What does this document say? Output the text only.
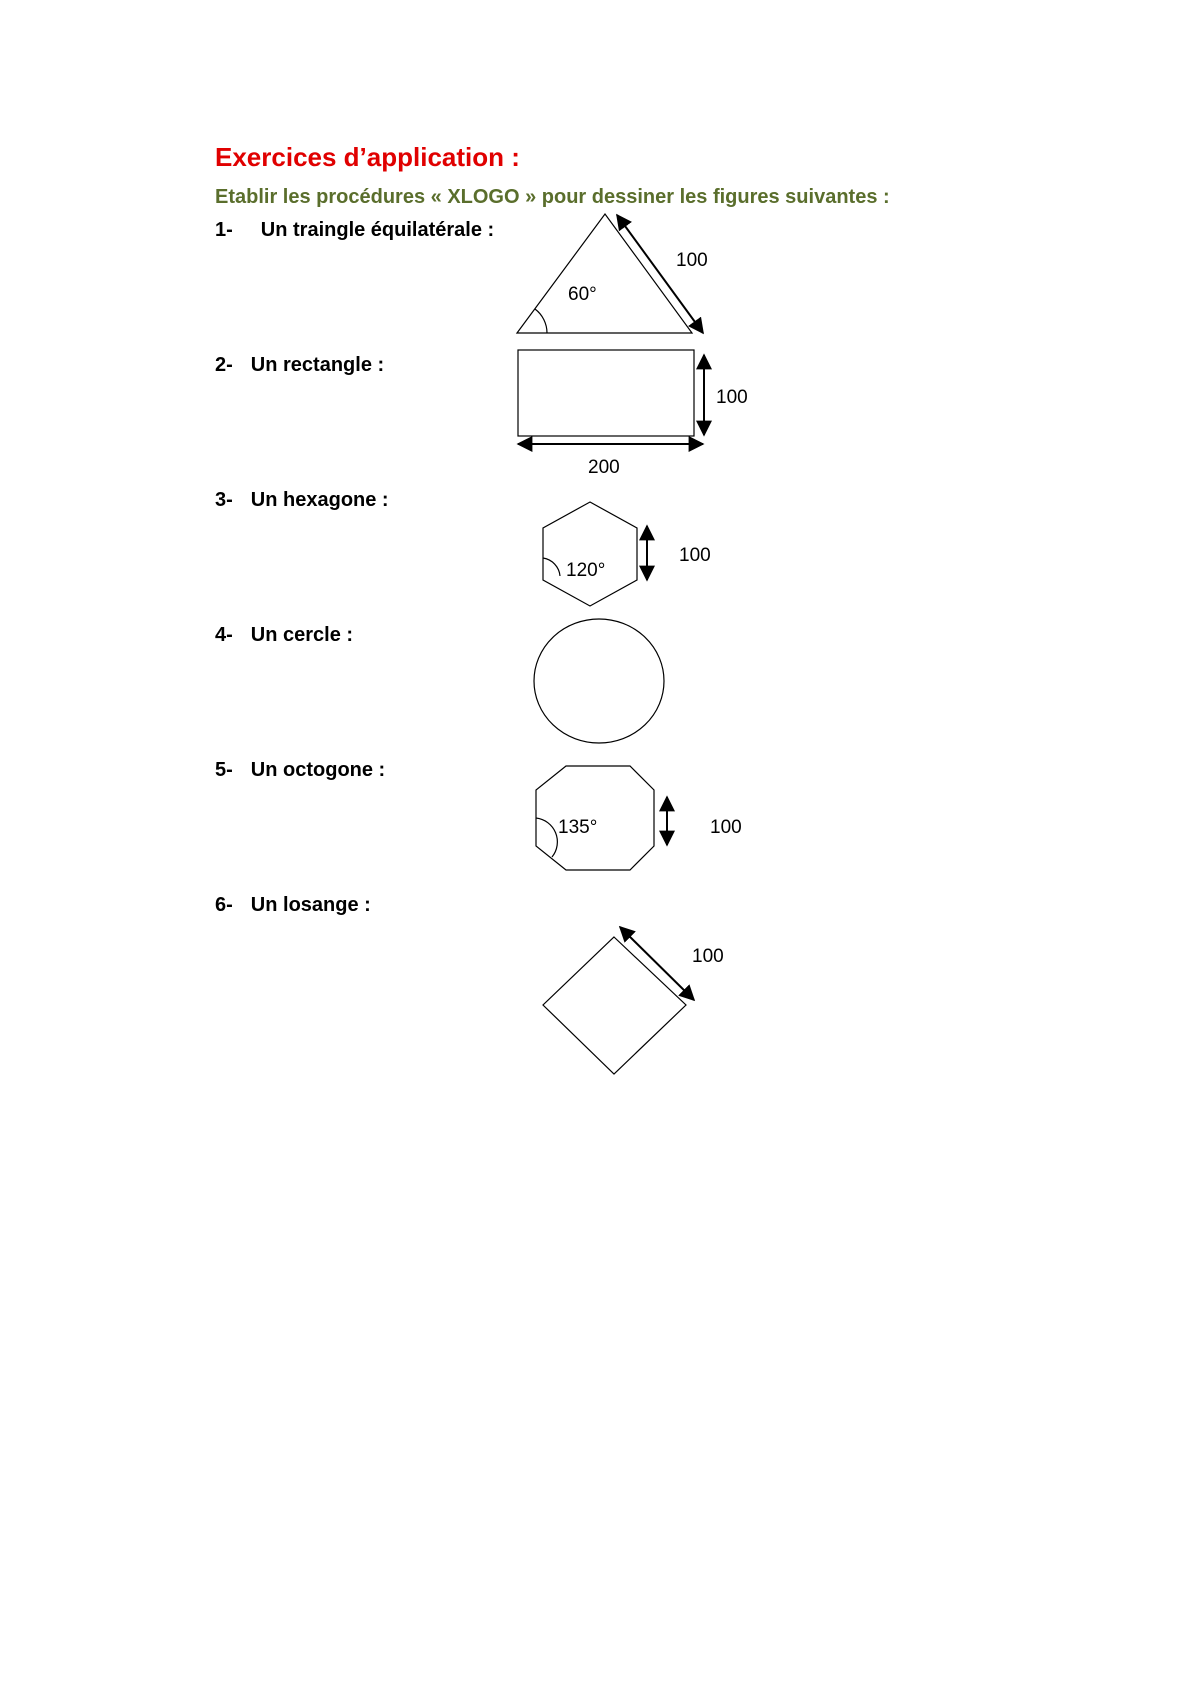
Exercices d’application :
Etablir les procédures « XLOGO » pour dessiner les figures suivantes :

1- Un traingle équilatérale :

2- Un rectangle :

3- Un hexagone :

4- Un cercle :

5- Un octogone :

6- Un losange :

100
60°
100
200
100
120°
100
135°
100
